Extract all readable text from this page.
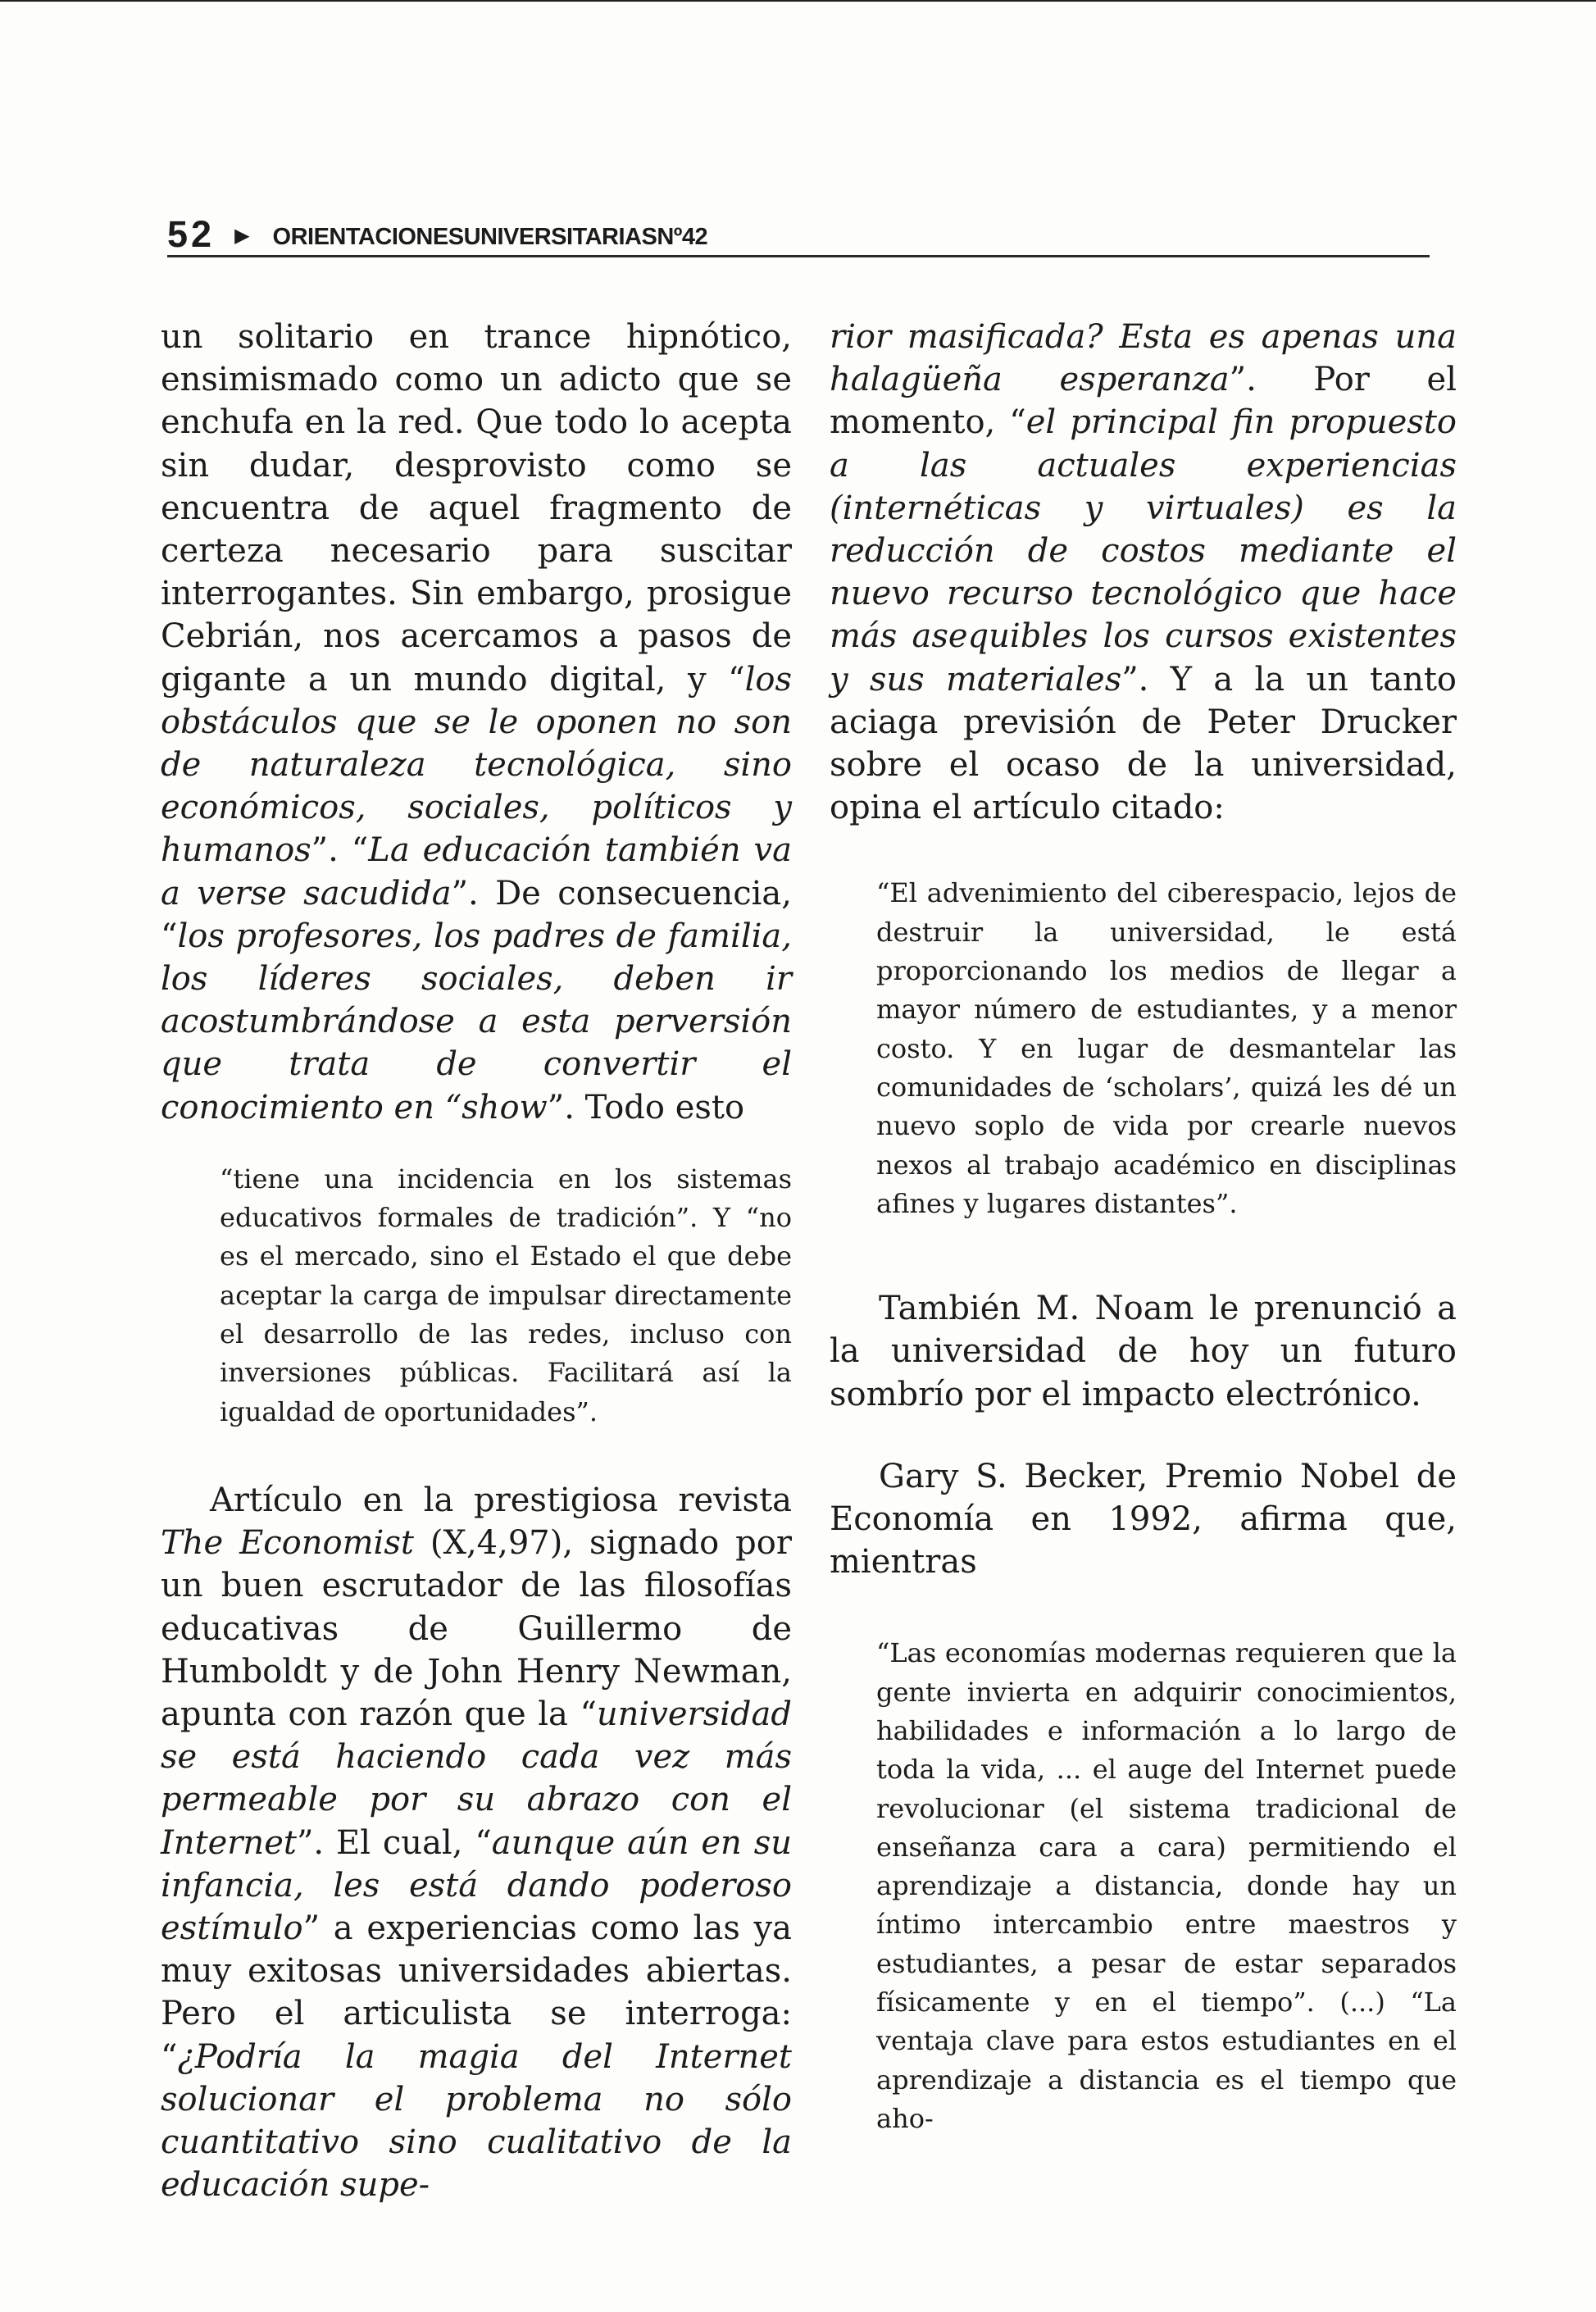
52 ▶ ORIENTACIONESUNIVERSITARIASNº42

un solitario en trance hipnótico, ensimismado como un adicto que se enchufa en la red. Que todo lo acepta sin dudar, desprovisto como se encuentra de aquel fragmento de certeza necesario para suscitar interrogantes. Sin embargo, prosigue Cebrián, nos acercamos a pasos de gigante a un mundo digital, y “los obstáculos que se le oponen no son de naturaleza tecnológica, sino económicos, sociales, políticos y humanos”. “La educación también va a verse sacudida”. De consecuencia, “los profesores, los padres de familia, los líderes sociales, deben ir acostumbrándose a esta perversión que trata de convertir el conocimiento en “show”. Todo esto

“tiene una incidencia en los sistemas educativos formales de tradición”. Y “no es el mercado, sino el Estado el que debe aceptar la carga de impulsar directamente el desarrollo de las redes, incluso con inversiones públicas. Facilitará así la igualdad de oportunidades”.

Artículo en la prestigiosa revista The Economist (X,4,97), signado por un buen escrutador de las filosofías educativas de Guillermo de Humboldt y de John Henry Newman, apunta con razón que la “universidad se está haciendo cada vez más permeable por su abrazo con el Internet”. El cual, “aunque aún en su infancia, les está dando poderoso estímulo” a experiencias como las ya muy exitosas universidades abiertas. Pero el articulista se interroga: “¿Podría la magia del Internet solucionar el problema no sólo cuantitativo sino cualitativo de la educación supe-

rior masificada? Esta es apenas una halagüeña esperanza”. Por el momento, “el principal fin propuesto a las actuales experiencias (internéticas y virtuales) es la reducción de costos mediante el nuevo recurso tecnológico que hace más asequibles los cursos existentes y sus materiales”. Y a la un tanto aciaga previsión de Peter Drucker sobre el ocaso de la universidad, opina el artículo citado:

“El advenimiento del ciberespacio, lejos de destruir la universidad, le está proporcionando los medios de llegar a mayor número de estudiantes, y a menor costo. Y en lugar de desmantelar las comunidades de ‘scholars’, quizá les dé un nuevo soplo de vida por crearle nuevos nexos al trabajo académico en disciplinas afines y lugares distantes”.

También M. Noam le prenunció a la universidad de hoy un futuro sombrío por el impacto electrónico.

Gary S. Becker, Premio Nobel de Economía en 1992, afirma que, mientras

“Las economías modernas requieren que la gente invierta en adquirir conocimientos, habilidades e información a lo largo de toda la vida, ... el auge del Internet puede revolucionar (el sistema tradicional de enseñanza cara a cara) permitiendo el aprendizaje a distancia, donde hay un íntimo intercambio entre maestros y estudiantes, a pesar de estar separados físicamente y en el tiempo”. (...) “La ventaja clave para estos estudiantes en el aprendizaje a distancia es el tiempo que aho-
